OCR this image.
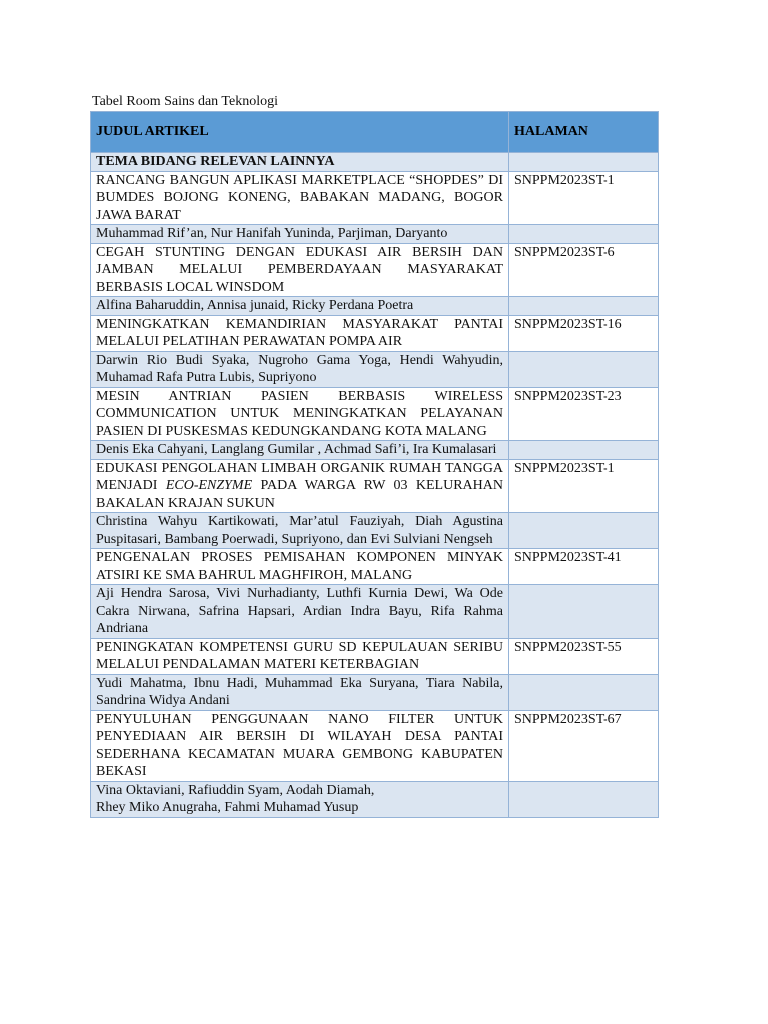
Tabel Room Sains dan Teknologi
JUDUL ARTIKEL	HALAMAN
TEMA BIDANG RELEVAN LAINNYA	
RANCANG BANGUN APLIKASI MARKETPLACE “SHOPDES” DI BUMDES BOJONG KONENG, BABAKAN MADANG, BOGOR JAWA BARAT	SNPPM2023ST-1
Muhammad Rif’an, Nur Hanifah Yuninda, Parjiman, Daryanto	
CEGAH STUNTING DENGAN EDUKASI AIR BERSIH DAN JAMBAN MELALUI PEMBERDAYAAN MASYARAKAT BERBASIS LOCAL WINSDOM	SNPPM2023ST-6
Alfina Baharuddin, Annisa junaid, Ricky Perdana Poetra	
MENINGKATKAN KEMANDIRIAN MASYARAKAT PANTAI MELALUI PELATIHAN PERAWATAN POMPA AIR	SNPPM2023ST-16
Darwin Rio Budi Syaka, Nugroho Gama Yoga, Hendi Wahyudin, Muhamad Rafa Putra Lubis, Supriyono	
MESIN ANTRIAN PASIEN BERBASIS WIRELESS COMMUNICATION UNTUK MENINGKATKAN PELAYANAN PASIEN DI PUSKESMAS KEDUNGKANDANG KOTA MALANG	SNPPM2023ST-23
Denis Eka Cahyani, Langlang Gumilar , Achmad Safi’i, Ira Kumalasari	
EDUKASI PENGOLAHAN LIMBAH ORGANIK RUMAH TANGGA MENJADI ECO-ENZYME PADA WARGA RW 03 KELURAHAN BAKALAN KRAJAN SUKUN	SNPPM2023ST-1
Christina Wahyu Kartikowati, Mar’atul Fauziyah, Diah Agustina Puspitasari, Bambang Poerwadi, Supriyono, dan Evi Sulviani Nengseh	
PENGENALAN PROSES PEMISAHAN KOMPONEN MINYAK ATSIRI KE SMA BAHRUL MAGHFIROH, MALANG	SNPPM2023ST-41
Aji Hendra Sarosa, Vivi Nurhadianty, Luthfi Kurnia Dewi, Wa Ode Cakra Nirwana, Safrina Hapsari, Ardian Indra Bayu, Rifa Rahma Andriana	
PENINGKATAN KOMPETENSI GURU SD KEPULAUAN SERIBU MELALUI PENDALAMAN MATERI KETERBAGIAN	SNPPM2023ST-55
Yudi Mahatma, Ibnu Hadi, Muhammad Eka Suryana, Tiara Nabila, Sandrina Widya Andani	
PENYULUHAN PENGGUNAAN NANO FILTER UNTUK PENYEDIAAN AIR BERSIH DI WILAYAH DESA PANTAI SEDERHANA KECAMATAN MUARA GEMBONG KABUPATEN BEKASI	SNPPM2023ST-67

Vina Oktaviani, Rafiuddin Syam, Aodah Diamah,
Rhey Miko Anugraha, Fahmi Muhamad Yusup	
